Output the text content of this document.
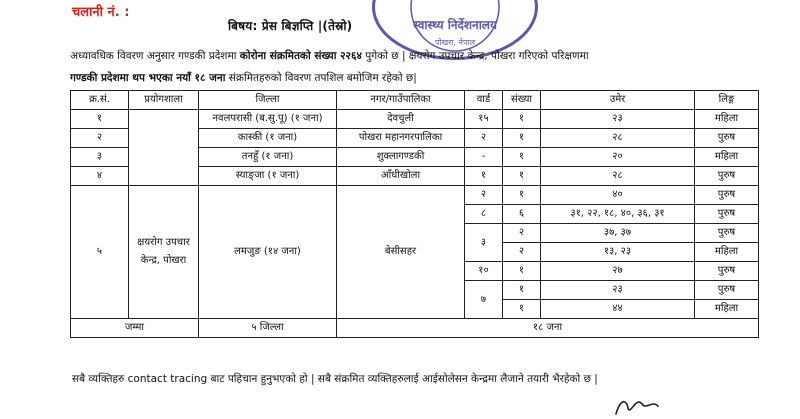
चलानी नं. :
स्वास्थ्य निर्देशनालय
पोखरा, नेपाल
बिषय: प्रेस बिज्ञप्ति |(तेस्रो)
अध्यावधिक विवरण अनुसार गण्डकी प्रदेशमा कोरोना संक्रमितको संख्या २२६४ पुगेको छ | क्षयरोग उपचार केन्द्र, पोखरा गरिएको परिक्षणमा
गण्डकी प्रदेशमा थप भएका नयाँ १८ जना संक्रमितहरुको विवरण तपशिल बमोजिम रहेको छ|
क्र.सं.	प्रयोगशाला	जिल्ला	नगर/गाउँपालिका	वार्ड	संख्या	उमेर	लिङ्ग
१		नवलपरासी (ब.सु.पू) (१ जना)	देवचुली	१५	१	२३	महिला
२		कास्की (१ जना)	पोखरा महानगरपालिका	२	१	२८	पुरुष
३		तनहुँ (१ जना)	शुक्लागण्डकी	-	१	२०	महिला
४		स्याङ्जा (१ जना)	आँधीखोला	१	१	२८	पुरुष
५	क्षयरोग उपचार
केन्द्र, पोखरा	लमजुङ (१४ जना)	बेसीसहर	२	१	४०	पुरुष
				८	६	३१, २२, १८, ४०, ३६, ३१	पुरुष
				३	२	३७, ३७	पुरुष
					२	१३, २३	महिला
				१०	१	२७	पुरुष
				७	१	२३	पुरुष
					१	४४	महिला
जम्मा		५ जिल्ला	१८ जना				
सबै व्यक्तिहरु contact tracing बाट पहिचान हुनुभएको हो | सबै संक्रमित व्यक्तिहरुलाई आईसोलेसन केन्द्रमा लैजाने तयारी भैरहेको छ |
